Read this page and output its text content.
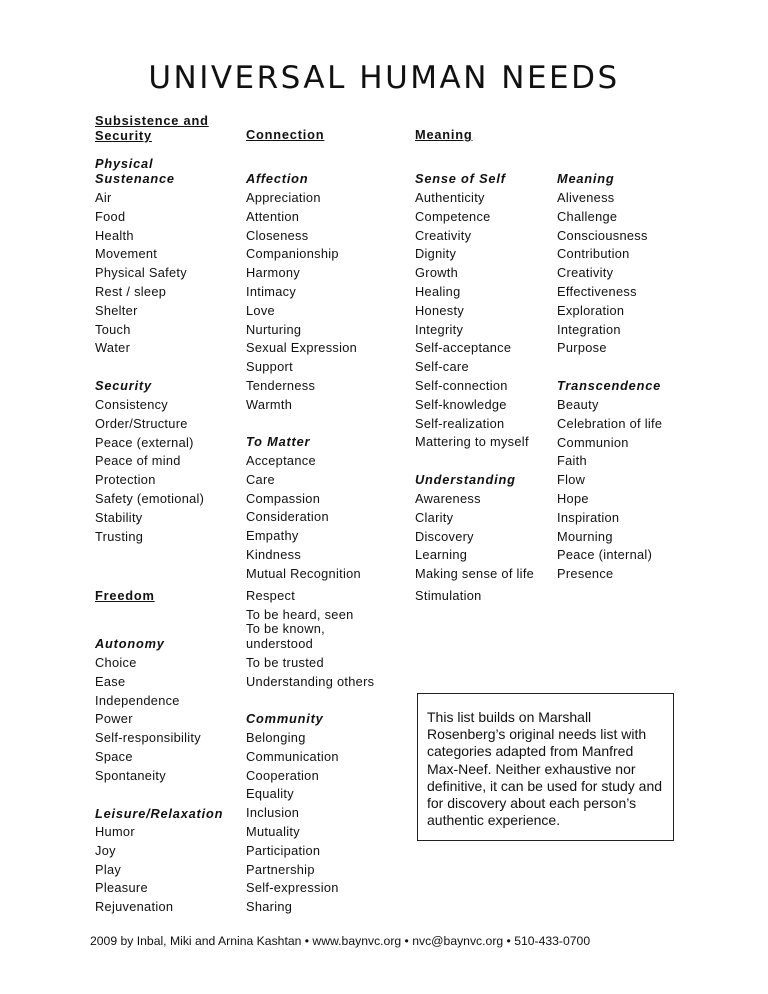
UNIVERSAL HUMAN NEEDS
Subsistence and
Security
Physical
Sustenance
Air
Food
Health
Movement
Physical Safety
Rest / sleep
Shelter
Touch
Water
Security
Consistency
Order/Structure
Peace (external)
Peace of mind
Protection
Safety (emotional)
Stability
Trusting
Freedom
Autonomy
Choice
Ease
Independence
Power
Self-responsibility
Space
Spontaneity
Leisure/Relaxation
Humor
Joy
Play
Pleasure
Rejuvenation
Connection
Affection
Appreciation
Attention
Closeness
Companionship
Harmony
Intimacy
Love
Nurturing
Sexual Expression
Support
Tenderness
Warmth
To Matter
Acceptance
Care
Compassion
Consideration
Empathy
Kindness
Mutual Recognition
Respect
To be heard, seen
To be known,
understood
To be trusted
Understanding others
Community
Belonging
Communication
Cooperation
Equality
Inclusion
Mutuality
Participation
Partnership
Self-expression
Sharing
Meaning
Sense of Self
Authenticity
Competence
Creativity
Dignity
Growth
Healing
Honesty
Integrity
Self-acceptance
Self-care
Self-connection
Self-knowledge
Self-realization
Mattering to myself
Understanding
Awareness
Clarity
Discovery
Learning
Making sense of life
Stimulation
Meaning
Aliveness
Challenge
Consciousness
Contribution
Creativity
Effectiveness
Exploration
Integration
Purpose
Transcendence
Beauty
Celebration of life
Communion
Faith
Flow
Hope
Inspiration
Mourning
Peace (internal)
Presence
This list builds on Marshall Rosenberg’s original needs list with categories adapted from Manfred Max-Neef. Neither exhaustive nor definitive, it can be used for study and for discovery about each person’s authentic experience.
2009 by Inbal, Miki and Arnina Kashtan • www.baynvc.org • nvc@baynvc.org • 510-433-0700
